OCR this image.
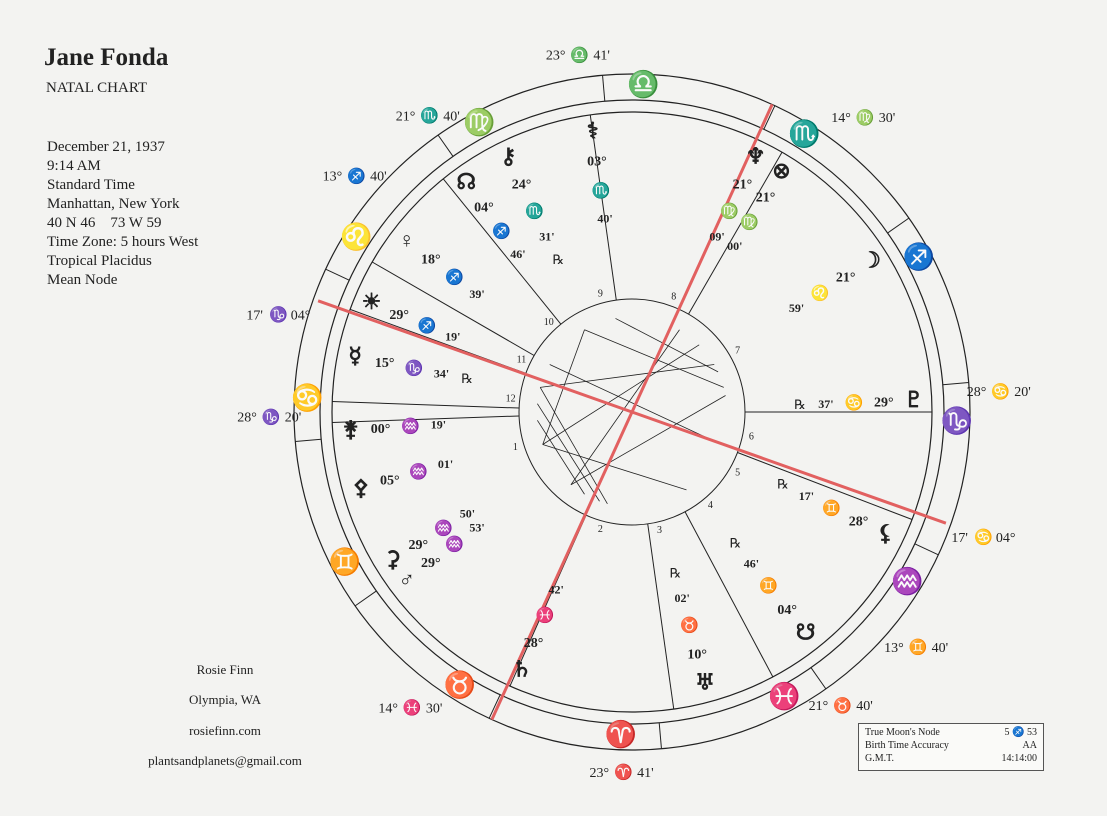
Jane Fonda
NATAL CHART
December 21, 1937
9:14 AM
Standard Time
Manhattan, New York
40 N 46    73 W 59
Time Zone: 5 hours West
Tropical Placidus
Mean Node
Rosie Finn
Olympia, WA
rosiefinn.com
plantsandplanets@gmail.com
True Moon's Node	5 ♐ 53
Birth Time Accuracy	AA
G.M.T.	14:14:00
♎
♍
♌
♋
♊
♉
♈
♓
♒
♑
♐
♏
23° ♎ 41'
21° ♏ 40'
13° ♐ 40'
17' ♑ 04°
28° ♑ 20'
14° ♓ 30'
23° ♈ 41'
21° ♉ 40'
13° ♊ 40'
17' ♋ 04°
28° ♋ 20'
14° ♍ 30'
1
2	3
4
5
6
7
8
9
10
11
12
☀
29°
♐
19'
♀
18°
♐
39'
☊
04°
♐
46'
⚷
24°
♏
31'
℞
⚕
03°
♏
40'
♆
21°
♍
09'
⊗
21°
♍
00'
☽
21°
♌
59'
♇
29°
♋
37'
℞
⚸
28°
♊
17'
℞
☋
04°
♊
46'
℞
♅
10°
♉
02'
℞
♄
28°
♓
42'
♂
29°
♒
53'
⚳
29°
♒
50'
⚴ 05°
♒
01'
⚵ 00° ♒ 19'
☿ 15° ♑ 34' ℞
